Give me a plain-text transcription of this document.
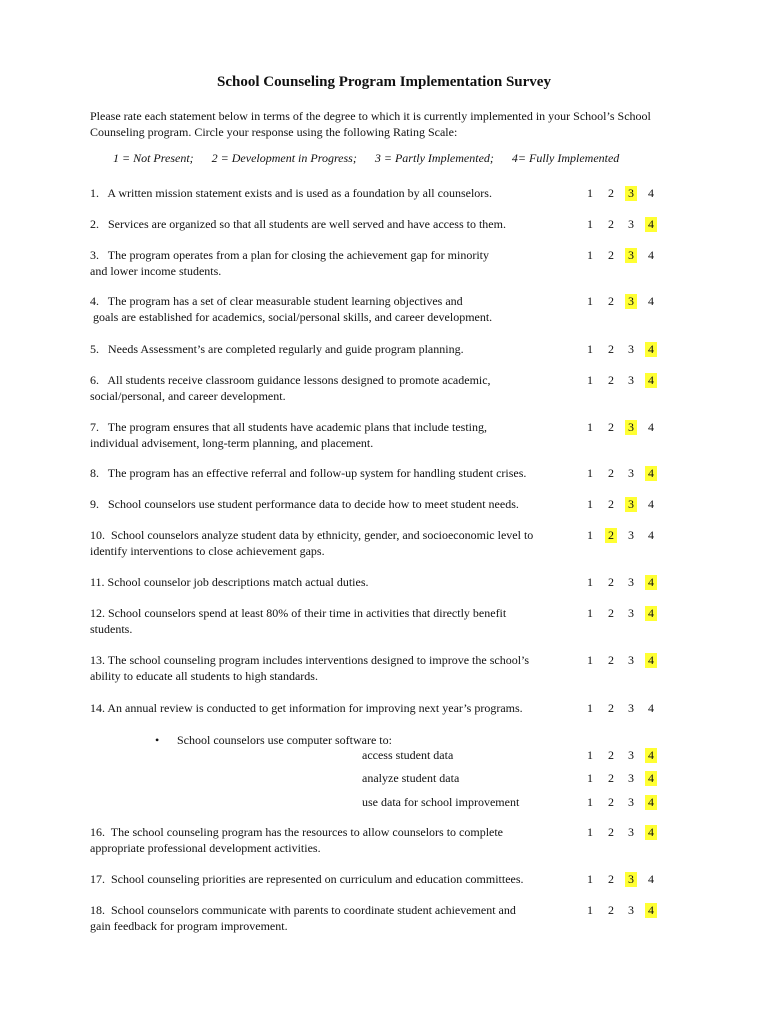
School Counseling Program Implementation Survey
Please rate each statement below in terms of the degree to which it is currently implemented in your School’s School
Counseling program. Circle your response using the following Rating Scale:
1 = Not Present; 2 = Development in Progress; 3 = Partly Implemented; 4= Fully Implemented
1.   A written mission statement exists and is used as a foundation by all counselors.	1 2 3 4
2.   Services are organized so that all students are well served and have access to them.	1 2 3 4
3.   The program operates from a plan for closing the achievement gap for minority
and lower income students.
1 2 3 4
4.   The program has a set of clear measurable student learning objectives and
goals are established for academics, social/personal skills, and career development.
1 2 3 4
5.   Needs Assessment’s are completed regularly and guide program planning.	1 2 3 4
6.   All students receive classroom guidance lessons designed to promote academic,
social/personal, and career development.
1 2 3 4
7.   The program ensures that all students have academic plans that include testing,
individual advisement, long-term planning, and placement.
1 2 3 4
8.   The program has an effective referral and follow-up system for handling student crises.	1 2 3 4
9.   School counselors use student performance data to decide how to meet student needs.	1 2 3 4
10.  School counselors analyze student data by ethnicity, gender, and socioeconomic level to
identify interventions to close achievement gaps.
1 2 3 4
11. School counselor job descriptions match actual duties.	1 2 3 4
12. School counselors spend at least 80% of their time in activities that directly benefit
students.
1 2 3 4
13. The school counseling program includes interventions designed to improve the school’s
ability to educate all students to high standards.
1 2 3 4
14. An annual review is conducted to get information for improving next year’s programs.	1 2 3 4
• School counselors use computer software to:
access student data	1 2 3 4
analyze student data	1 2 3 4
use data for school improvement	1 2 3 4
16.  The school counseling program has the resources to allow counselors to complete
appropriate professional development activities.
1 2 3 4
17.  School counseling priorities are represented on curriculum and education committees.	1 2 3 4
18.  School counselors communicate with parents to coordinate student achievement and
gain feedback for program improvement.
1 2 3 4
